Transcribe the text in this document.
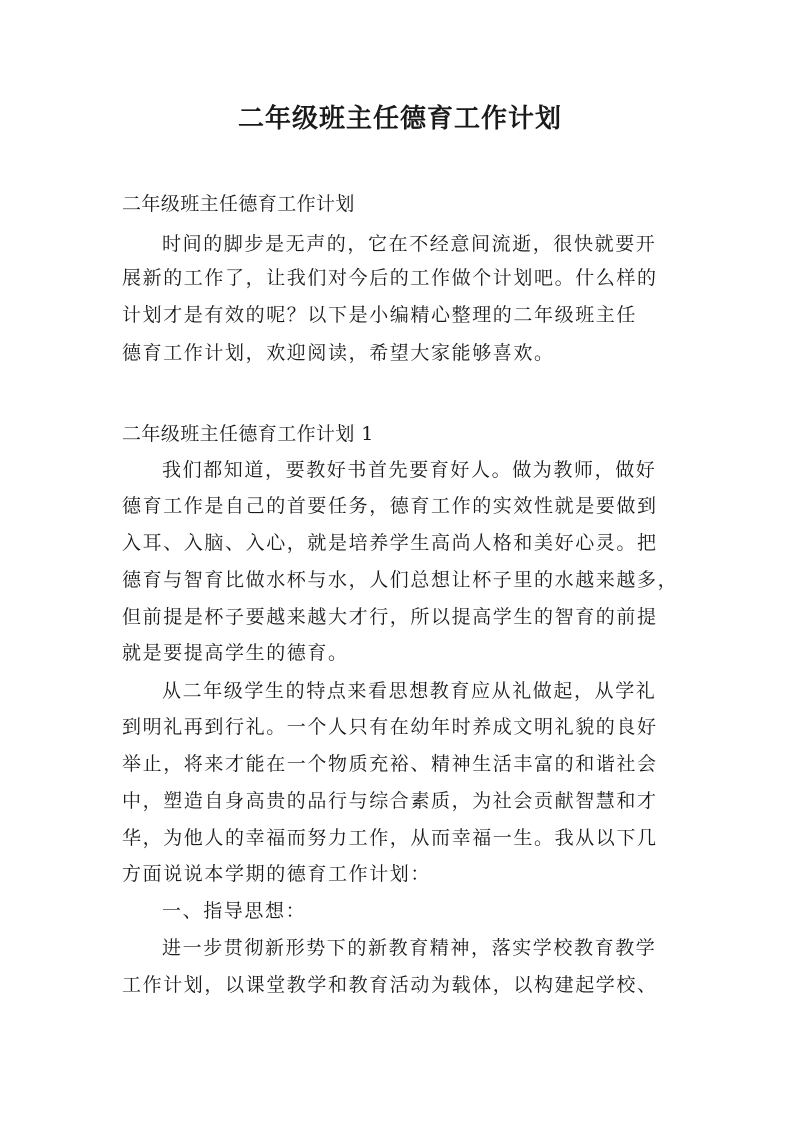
二年级班主任德育工作计划

二年级班主任德育工作计划

时间的脚步是无声的，它在不经意间流逝，很快就要开

展新的工作了，让我们对今后的工作做个计划吧。什么样的

计划才是有效的呢？以下是小编精心整理的二年级班主任

德育工作计划，欢迎阅读，希望大家能够喜欢。

二年级班主任德育工作计划 1

我们都知道，要教好书首先要育好人。做为教师，做好

德育工作是自己的首要任务，德育工作的实效性就是要做到

入耳、入脑、入心，就是培养学生高尚人格和美好心灵。把

德育与智育比做水杯与水，人们总想让杯子里的水越来越多，

但前提是杯子要越来越大才行，所以提高学生的智育的前提

就是要提高学生的德育。

从二年级学生的特点来看思想教育应从礼做起，从学礼

到明礼再到行礼。一个人只有在幼年时养成文明礼貌的良好

举止，将来才能在一个物质充裕、精神生活丰富的和谐社会

中，塑造自身高贵的品行与综合素质，为社会贡献智慧和才

华，为他人的幸福而努力工作，从而幸福一生。我从以下几

方面说说本学期的德育工作计划：

一、指导思想：

进一步贯彻新形势下的新教育精神，落实学校教育教学

工作计划，以课堂教学和教育活动为载体，以构建起学校、
